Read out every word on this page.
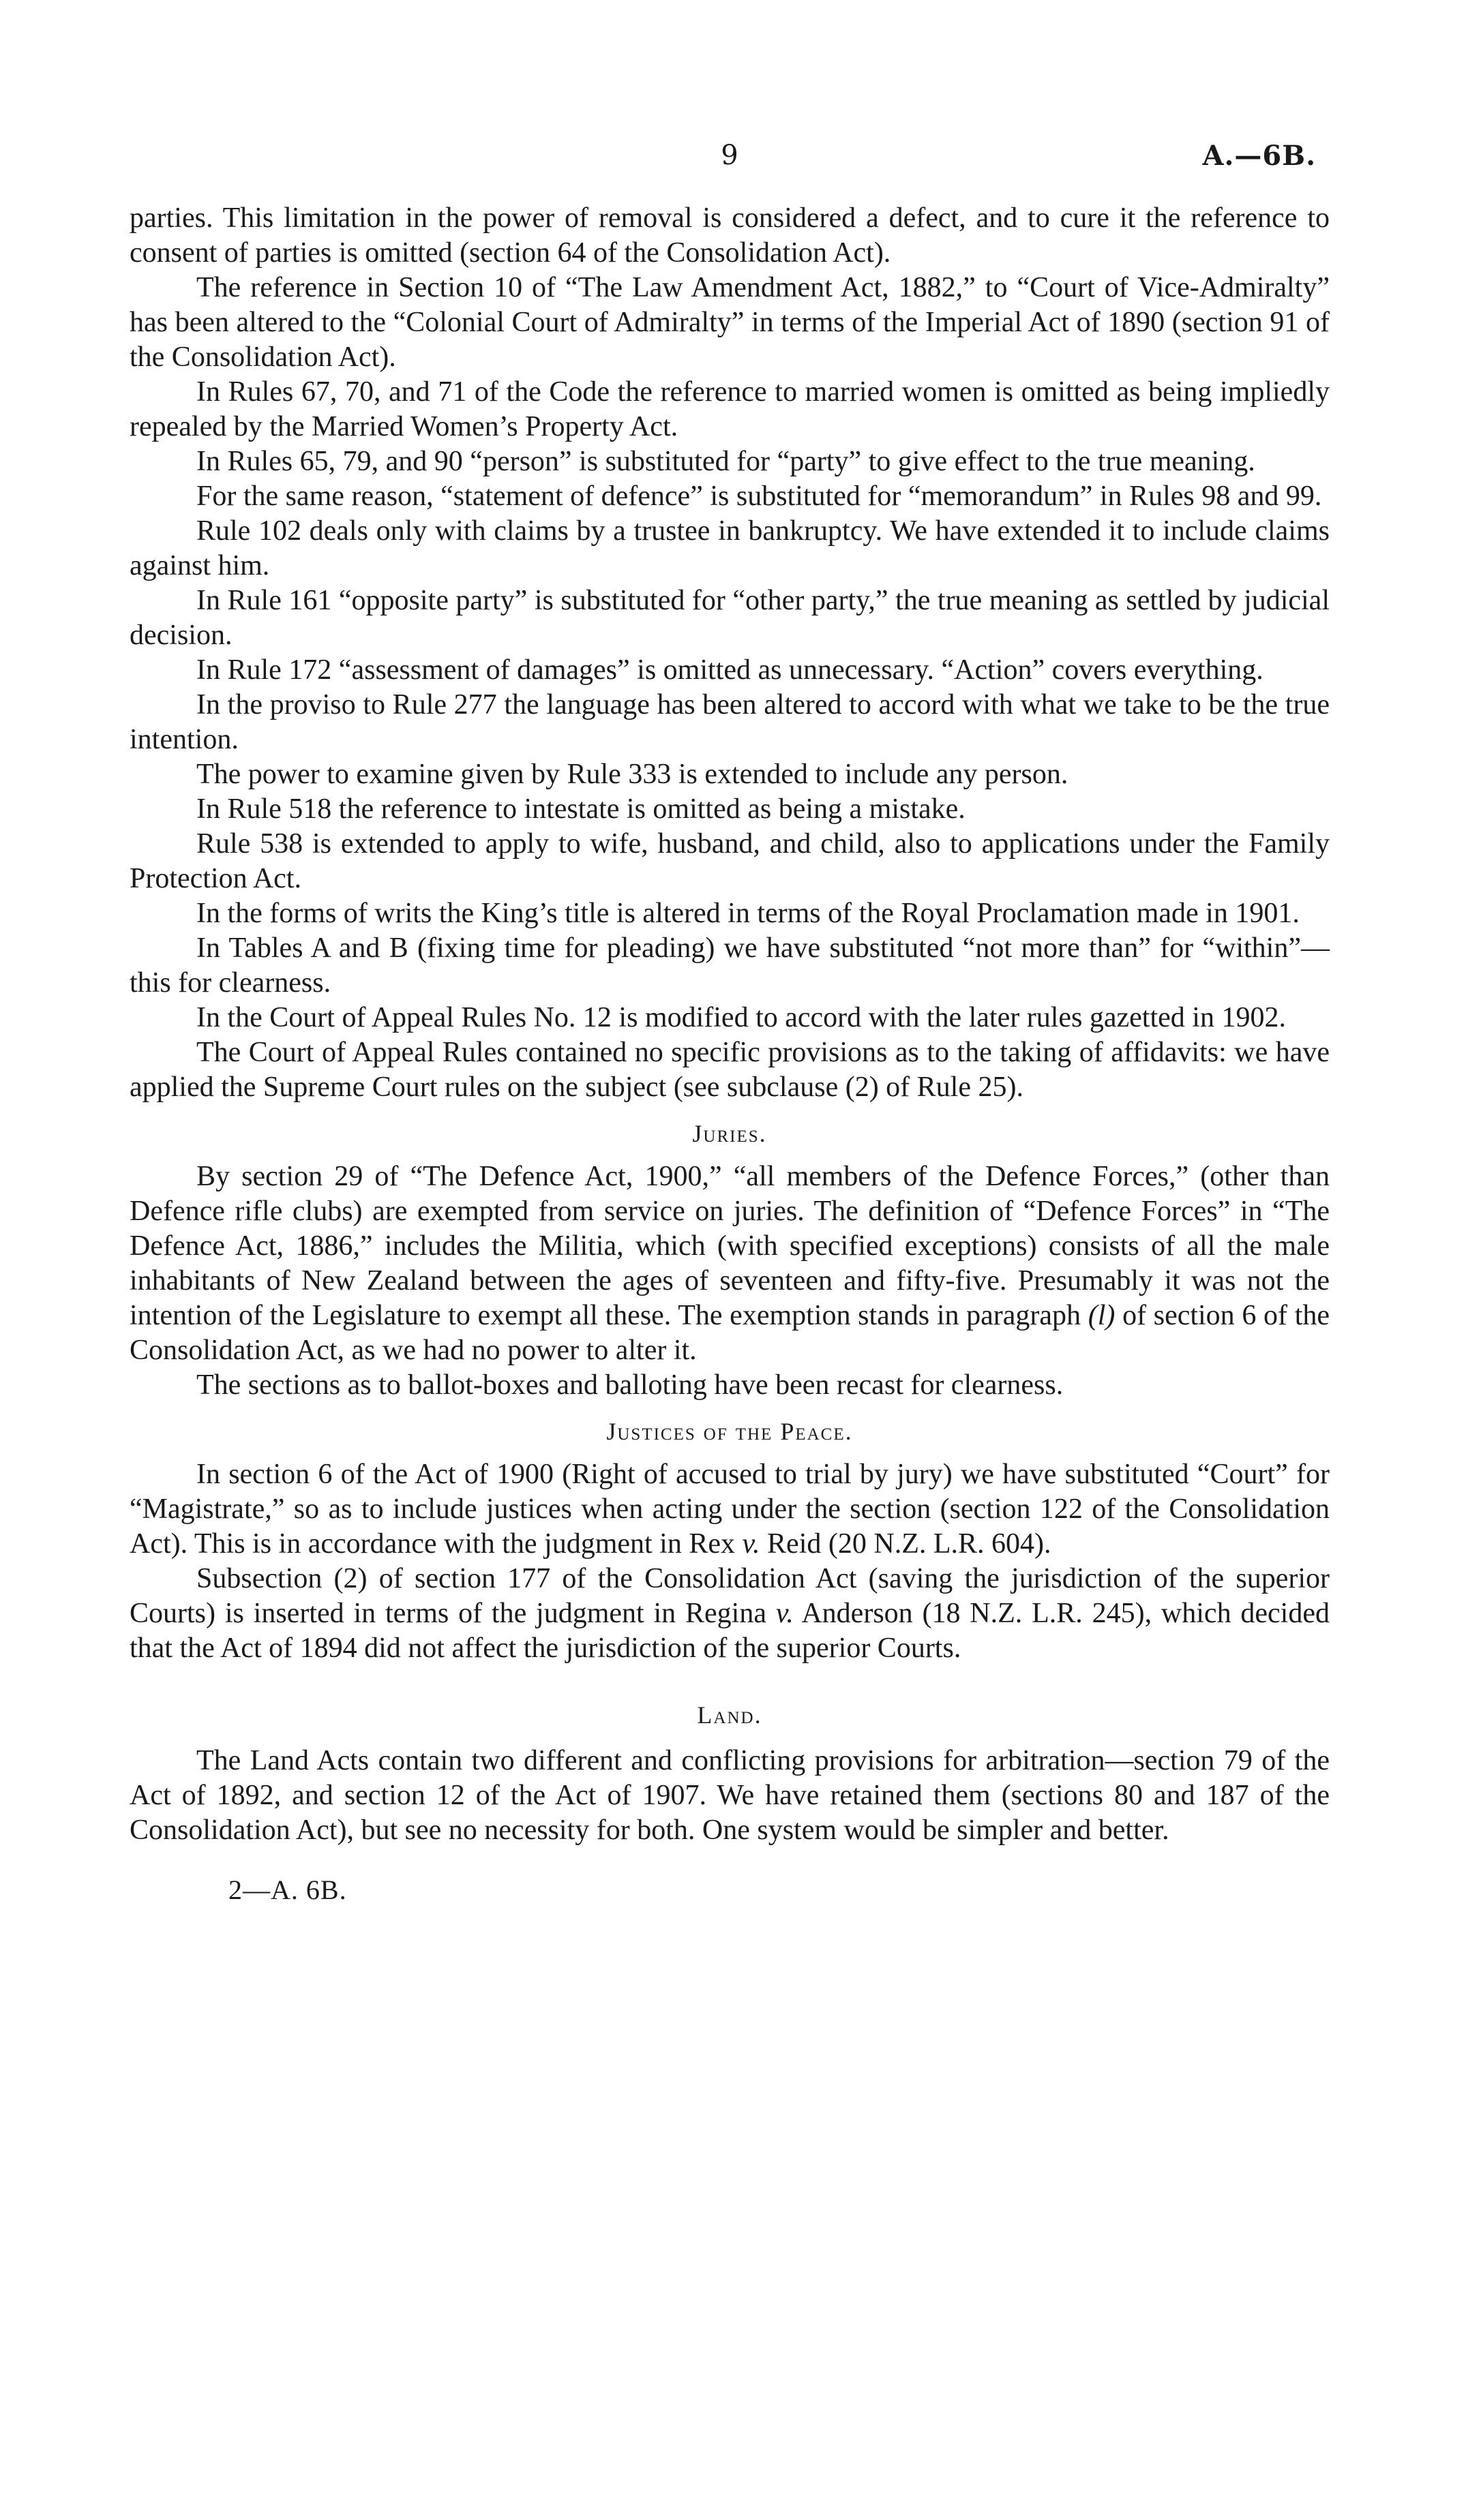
9	A.—6B.

parties. This limitation in the power of removal is considered a defect, and to cure it the reference to consent of parties is omitted (section 64 of the Consolidation Act).

The reference in Section 10 of “The Law Amendment Act, 1882,” to “Court of Vice-Admiralty” has been altered to the “Colonial Court of Admiralty” in terms of the Imperial Act of 1890 (section 91 of the Consolidation Act).

In Rules 67, 70, and 71 of the Code the reference to married women is omitted as being impliedly repealed by the Married Women’s Property Act.

In Rules 65, 79, and 90 “person” is substituted for “party” to give effect to the true meaning.

For the same reason, “statement of defence” is substituted for “memorandum” in Rules 98 and 99.

Rule 102 deals only with claims by a trustee in bankruptcy. We have extended it to include claims against him.

In Rule 161 “opposite party” is substituted for “other party,” the true meaning as settled by judicial decision.

In Rule 172 “assessment of damages” is omitted as unnecessary. “Action” covers everything.

In the proviso to Rule 277 the language has been altered to accord with what we take to be the true intention.

The power to examine given by Rule 333 is extended to include any person.

In Rule 518 the reference to intestate is omitted as being a mistake.

Rule 538 is extended to apply to wife, husband, and child, also to applications under the Family Protection Act.

In the forms of writs the King’s title is altered in terms of the Royal Proclamation made in 1901.

In Tables A and B (fixing time for pleading) we have substituted “not more than” for “within”—this for clearness.

In the Court of Appeal Rules No. 12 is modified to accord with the later rules gazetted in 1902.

The Court of Appeal Rules contained no specific provisions as to the taking of affidavits: we have applied the Supreme Court rules on the subject (see subclause (2) of Rule 25).

Juries.

By section 29 of “The Defence Act, 1900,” “all members of the Defence Forces,” (other than Defence rifle clubs) are exempted from service on juries. The definition of “Defence Forces” in “The Defence Act, 1886,” includes the Militia, which (with specified exceptions) consists of all the male inhabitants of New Zealand between the ages of seventeen and fifty-five. Presumably it was not the intention of the Legislature to exempt all these. The exemption stands in paragraph (l) of section 6 of the Consolidation Act, as we had no power to alter it.

The sections as to ballot-boxes and balloting have been recast for clearness.

Justices of the Peace.

In section 6 of the Act of 1900 (Right of accused to trial by jury) we have substituted “Court” for “Magistrate,” so as to include justices when acting under the section (section 122 of the Consolidation Act). This is in accordance with the judgment in Rex v. Reid (20 N.Z. L.R. 604).

Subsection (2) of section 177 of the Consolidation Act (saving the jurisdiction of the superior Courts) is inserted in terms of the judgment in Regina v. Anderson (18 N.Z. L.R. 245), which decided that the Act of 1894 did not affect the jurisdiction of the superior Courts.

Land.

The Land Acts contain two different and conflicting provisions for arbitration—section 79 of the Act of 1892, and section 12 of the Act of 1907. We have retained them (sections 80 and 187 of the Consolidation Act), but see no necessity for both. One system would be simpler and better.

2—A. 6B.
